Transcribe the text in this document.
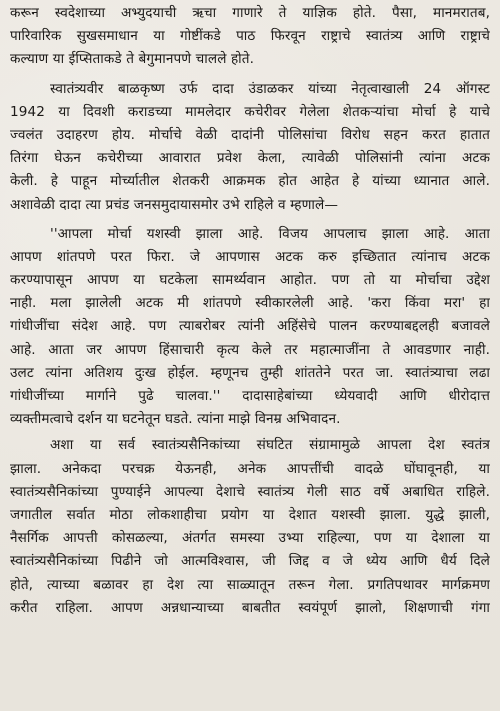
करून स्वदेशाच्या अभ्युदयाची ऋचा गाणारे ते याज्ञिक होते. पैसा, मानमरातब,
पारिवारिक सुखसमाधान या गोष्टींकडे पाठ फिरवून राष्ट्राचे स्वातंत्र्य आणि राष्ट्राचे
कल्याण या ईप्सिताकडे ते बेगुमानपणे चालले होते.
स्वातंत्र्यवीर बाळकृष्ण उर्फ दादा उंडाळकर यांच्या नेतृत्वाखाली 24 ऑगस्ट
1942 या दिवशी कराडच्या मामलेदार कचेरीवर गेलेला शेतकऱ्यांचा मोर्चा हे याचे
ज्वलंत उदाहरण होय. मोर्चाचे वेळी दादांनी पोलिसांचा विरोध सहन करत हातात
तिरंगा घेऊन कचेरीच्या आवारात प्रवेश केला, त्यावेळी पोलिसांनी त्यांना अटक
केली. हे पाहून मोर्च्यातील शेतकरी आक्रमक होत आहेत हे यांच्या ध्यानात आले.
अशावेळी दादा त्या प्रचंड जनसमुदायासमोर उभे राहिले व म्हणाले—
''आपला मोर्चा यशस्वी झाला आहे. विजय आपलाच झाला आहे. आता
आपण शांतपणे परत फिरा. जे आपणास अटक करु इच्छितात त्यांनाच अटक
करण्यापासून आपण या घटकेला सामर्थ्यवान आहोत. पण तो या मोर्चाचा उद्देश
नाही. मला झालेली अटक मी शांतपणे स्वीकारलेली आहे. 'करा किंवा मरा' हा
गांधीजींचा संदेश आहे. पण त्याबरोबर त्यांनी अहिंसेचे पालन करण्याबद्दलही बजावले
आहे. आता जर आपण हिंसाचारी कृत्य केले तर महात्माजींना ते आवडणार नाही.
उलट त्यांना अतिशय दुःख होईल. म्हणूनच तुम्ही शांततेने परत जा. स्वातंत्र्याचा लढा
गांधीजींच्या मार्गाने पुढे चालवा.'' दादासाहेबांच्या ध्येयवादी आणि धीरोदात्त
व्यक्तीमत्वाचे दर्शन या घटनेतून घडते. त्यांना माझे विनम्र अभिवादन.
अशा या सर्व स्वातंत्र्यसैनिकांच्या संघटित संग्रामामुळे आपला देश स्वतंत्र
झाला. अनेकदा परचक्र येऊनही, अनेक आपत्तींची वादळे घोंघावूनही, या
स्वातंत्र्यसैनिकांच्या पुण्याईने आपल्या देशाचे स्वातंत्र्य गेली साठ वर्षे अबाधित राहिले.
जगातील सर्वात मोठा लोकशाहीचा प्रयोग या देशात यशस्वी झाला. युद्धे झाली,
नैसर्गिक आपत्ती कोसळल्या, अंतर्गत समस्या उभ्या राहिल्या, पण या देशाला या
स्वातंत्र्यसैनिकांच्या पिढीने जो आत्मविश्वास, जी जिद्द व जे ध्येय आणि धैर्य दिले
होते, त्याच्या बळावर हा देश त्या साळ्यातून तरून गेला. प्रगतिपथावर मार्गक्रमण
करीत राहिला. आपण अन्नधान्याच्या बाबतीत स्वयंपूर्ण झालो, शिक्षणाची गंगा
